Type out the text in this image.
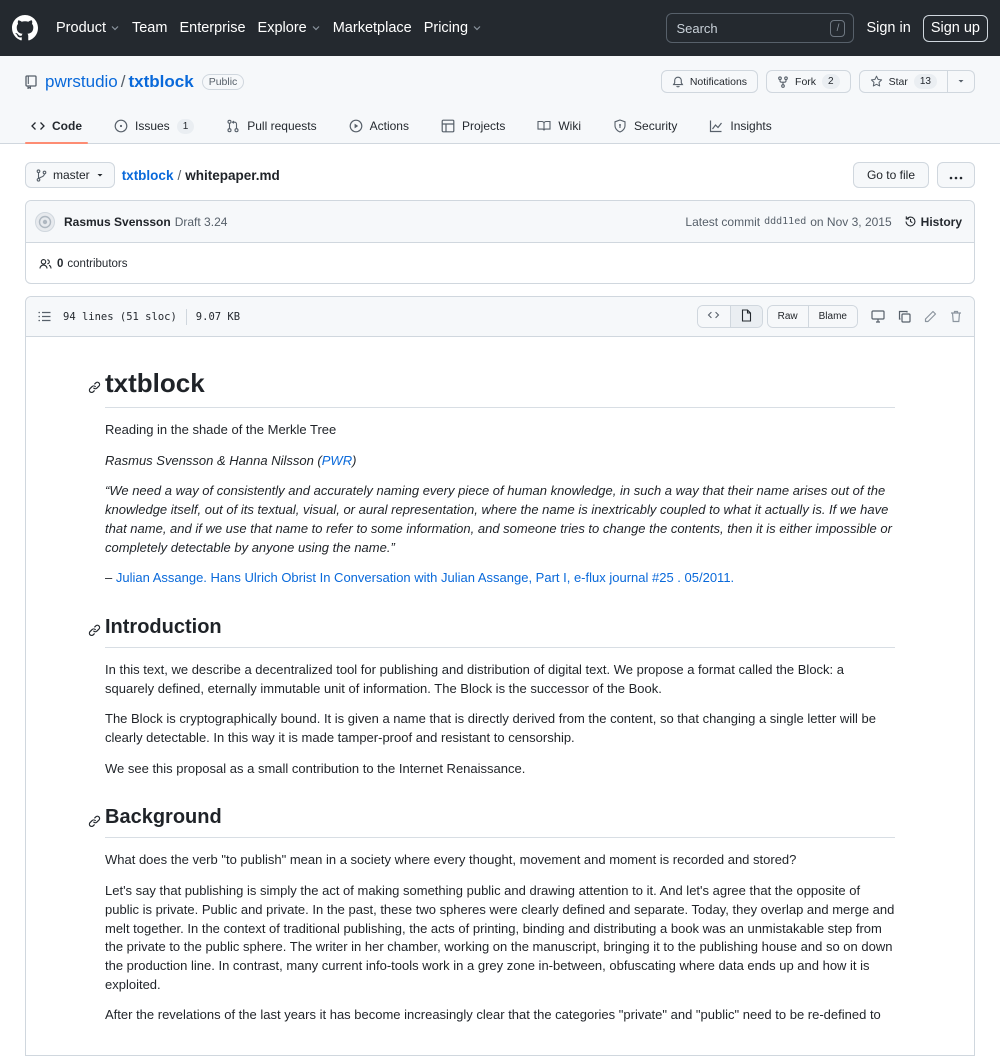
Product Team Enterprise Explore Marketplace Pricing	Search	/	Sign in	Sign up
pwrstudio / txtblock	Public	Notifications	Fork	2	Star	13
Code	Issues	1	Pull requests	Actions	Projects	Wiki	Security	Insights
master txtblock / whitepaper.md	Go to file
Rasmus Svensson Draft 3.24	Latest commit ddd11ed on Nov 3, 2015 History
0 contributors
94 lines (51 sloc) 9.07 KB	Raw	Blame
txtblock

Reading in the shade of the Merkle Tree

Rasmus Svensson & Hanna Nilsson (PWR)

“We need a way of consistently and accurately naming every piece of human knowledge, in such a way that their name arises out of the knowledge itself, out of its textual, visual, or aural representation, where the name is inextricably coupled to what it actually is. If we have that name, and if we use that name to refer to some information, and someone tries to change the contents, then it is either impossible or completely detectable by anyone using the name.”

– Julian Assange. Hans Ulrich Obrist In Conversation with Julian Assange, Part I, e-flux journal #25 . 05/2011.

Introduction

In this text, we describe a decentralized tool for publishing and distribution of digital text. We propose a format called the Block: a squarely defined, eternally immutable unit of information. The Block is the successor of the Book.

The Block is cryptographically bound. It is given a name that is directly derived from the content, so that changing a single letter will be clearly detectable. In this way it is made tamper-proof and resistant to censorship.

We see this proposal as a small contribution to the Internet Renaissance.

Background

What does the verb "to publish" mean in a society where every thought, movement and moment is recorded and stored?

Let's say that publishing is simply the act of making something public and drawing attention to it. And let's agree that the opposite of public is private. Public and private. In the past, these two spheres were clearly defined and separate. Today, they overlap and merge and melt together. In the context of traditional publishing, the acts of printing, binding and distributing a book was an unmistakable step from the private to the public sphere. The writer in her chamber, working on the manuscript, bringing it to the publishing house and so on down the production line. In contrast, many current info-tools work in a grey zone in-between, obfuscating where data ends up and how it is exploited.

After the revelations of the last years it has become increasingly clear that the categories "private" and "public" need to be re-defined to
